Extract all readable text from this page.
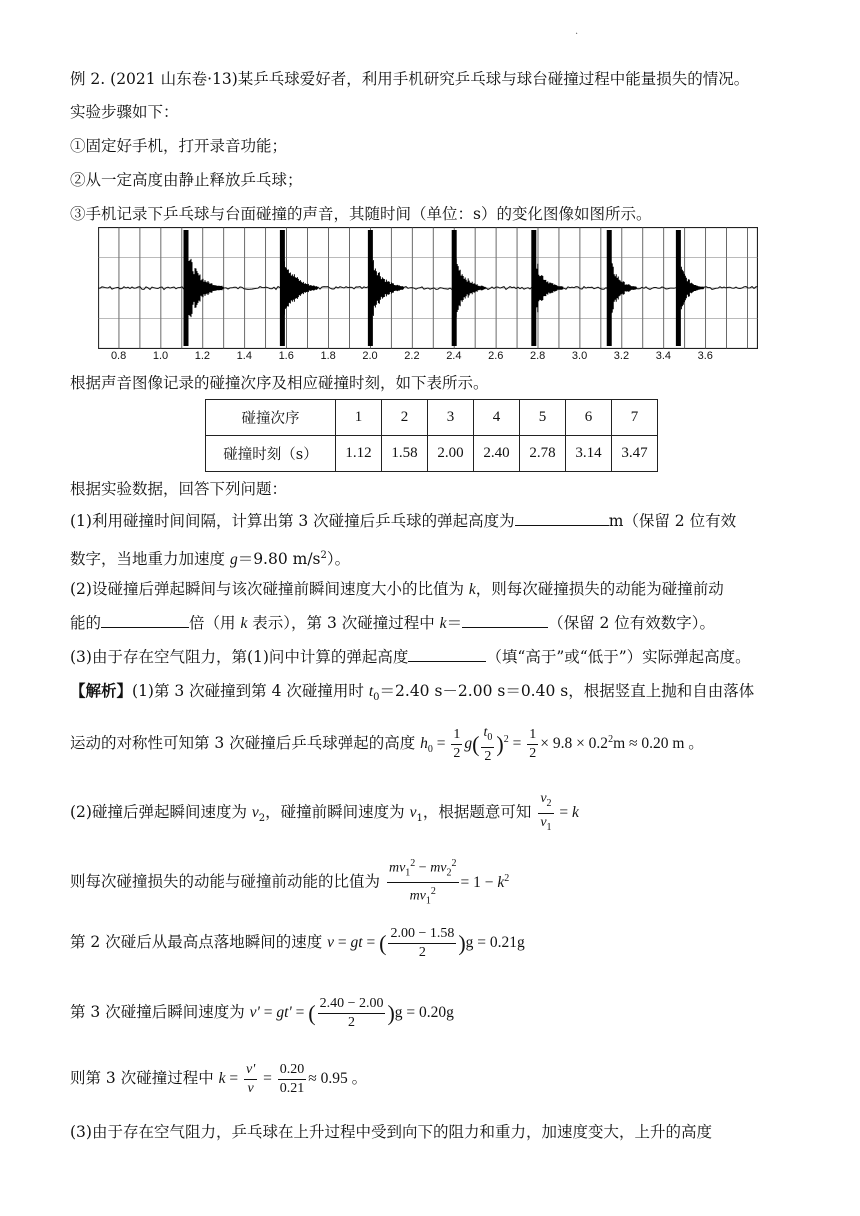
.
例 2. (2021 山东卷·13)某乒乓球爱好者，利用手机研究乒乓球与球台碰撞过程中能量损失的情况。
实验步骤如下：
①固定好手机，打开录音功能；
②从一定高度由静止释放乒乓球；
③手机记录下乒乓球与台面碰撞的声音，其随时间（单位：s）的变化图像如图所示。
0.8 1.0 1.2 1.4 1.6 1.8 2.0 2.2 2.4 2.6 2.8 3.0 3.2 3.4 3.6
根据声音图像记录的碰撞次序及相应碰撞时刻，如下表所示。
碰撞次序	1	2	3	4	5	6	7
碰撞时刻（s）	1.12	1.58	2.00	2.40	2.78	3.14	3.47
根据实验数据，回答下列问题：
(1)利用碰撞时间间隔，计算出第 3 次碰撞后乒乓球的弹起高度为	m（保留 2 位有效
数字，当地重力加速度 g＝9.80 $m/s^2$）。
(2)设碰撞后弹起瞬间与该次碰撞前瞬间速度大小的比值为 k，则每次碰撞损失的动能为碰撞前动
能的	倍（用 k 表示），第 3 次碰撞过程中 k＝	（保留 2 位有效数字）。
(3)由于存在空气阻力，第(1)问中计算的弹起高度	（填“高于”或“低于”）实际弹起高度。
【解析】(1)第 3 次碰撞到第 4 次碰撞用时 $t_0=2.40$ s－2.00 s＝0.40 s，根据竖直上抛和自由落体
运动的对称性可知第 3 次碰撞后乒乓球弹起的高度 $h_0 = \frac{1}{2} g( \frac{t_0}{2} )^2 = \frac{1}{2} \times 9.8 \times 0.2^2m \approx 0.20$ m 。
(2)碰撞后弹起瞬间速度为 $v_2$，碰撞前瞬间速度为 $v_1$，根据题意可知 $\frac{v_2}{v_1} = k$
则每次碰撞损失的动能与碰撞前动能的比值为 $\frac{mv_1^2 - mv_2^2}{mv_1^2} = 1 - k^2$
第 2 次碰后从最高点落地瞬间的速度 v = gt = ( $\frac{2.00 - 1.58}{2} )g = 0.21g$
第 3 次碰撞后瞬间速度为 v' = gt' = ( $\frac{2.40 - 2.00}{2} )g = 0.20g$
则第 3 次碰撞过程中 $k = \frac{v'}{v} = \frac{0.20}{0.21} \approx 0.95$ 。
(3)由于存在空气阻力，乒乓球在上升过程中受到向下的阻力和重力，加速度变大，上升的高度
